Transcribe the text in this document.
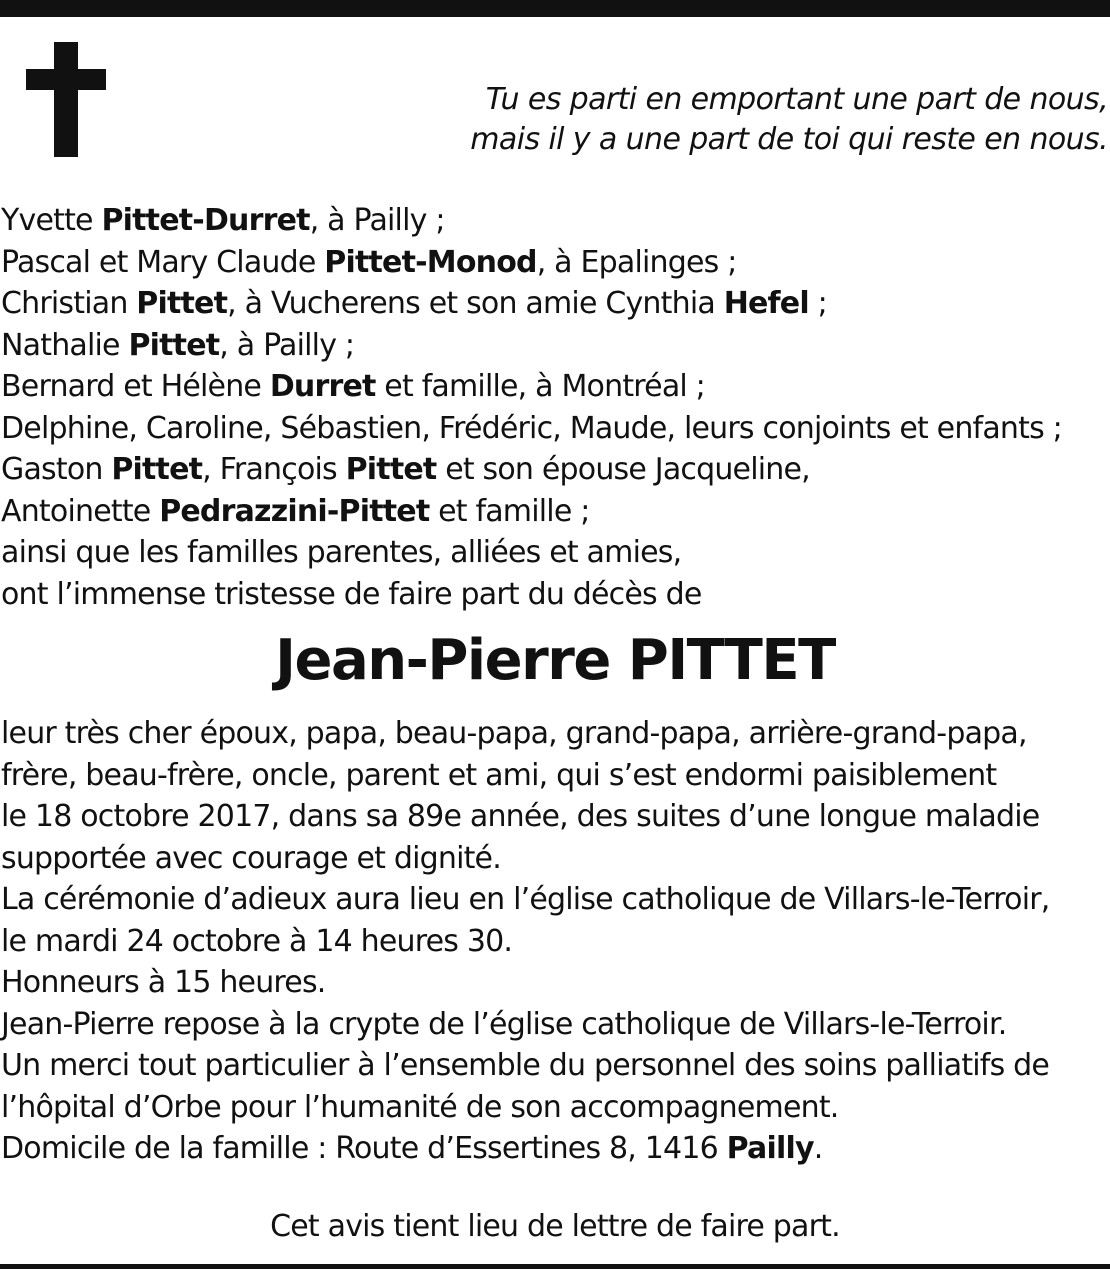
Tu es parti en emportant une part de nous,
mais il y a une part de toi qui reste en nous.
Yvette Pittet-Durret, à Pailly ;
Pascal et Mary Claude Pittet-Monod, à Epalinges ;
Christian Pittet, à Vucherens et son amie Cynthia Hefel ;
Nathalie Pittet, à Pailly ;
Bernard et Hélène Durret et famille, à Montréal ;
Delphine, Caroline, Sébastien, Frédéric, Maude, leurs conjoints et enfants ;
Gaston Pittet, François Pittet et son épouse Jacqueline,
Antoinette Pedrazzini-Pittet et famille ;
ainsi que les familles parentes, alliées et amies,
ont l’immense tristesse de faire part du décès de
Jean-Pierre PITTET
leur très cher époux, papa, beau-papa, grand-papa, arrière-grand-papa,
frère, beau-frère, oncle, parent et ami, qui s’est endormi paisiblement
le 18 octobre 2017, dans sa 89e année, des suites d’une longue maladie
supportée avec courage et dignité.
La cérémonie d’adieux aura lieu en l’église catholique de Villars-le-Terroir,
le mardi 24 octobre à 14 heures 30.
Honneurs à 15 heures.
Jean-Pierre repose à la crypte de l’église catholique de Villars-le-Terroir.
Un merci tout particulier à l’ensemble du personnel des soins palliatifs de
l’hôpital d’Orbe pour l’humanité de son accompagnement.
Domicile de la famille : Route d’Essertines 8, 1416 Pailly.
Cet avis tient lieu de lettre de faire part.
